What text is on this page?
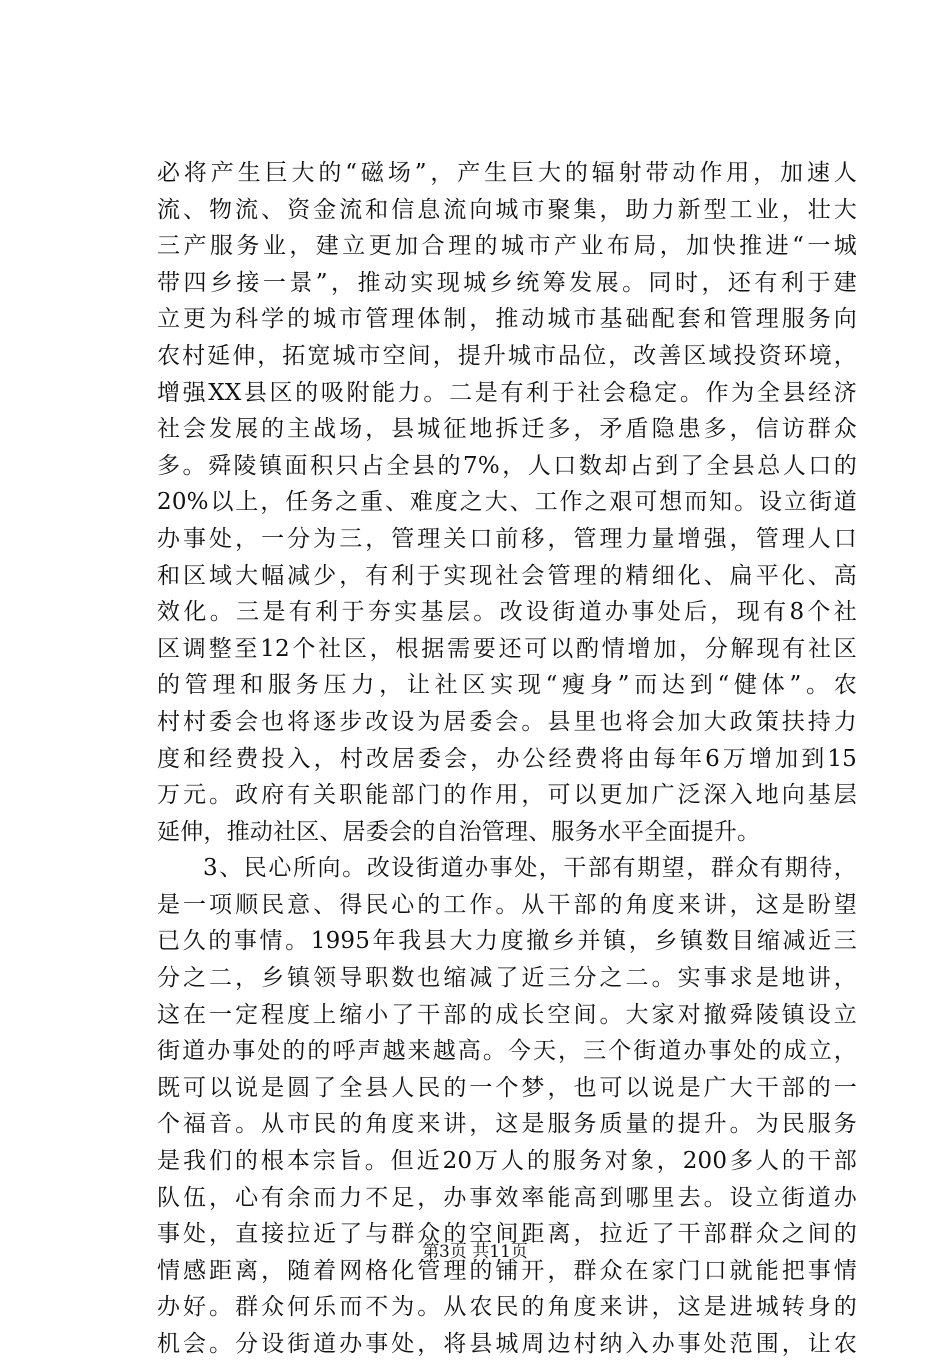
必将产生巨大的“磁场”，产生巨大的辐射带动作用，加速人
流、物流、资金流和信息流向城市聚集，助力新型工业，壮大
三产服务业，建立更加合理的城市产业布局，加快推进“一城
带四乡接一景”，推动实现城乡统筹发展。同时，还有利于建
立更为科学的城市管理体制，推动城市基础配套和管理服务向
农村延伸，拓宽城市空间，提升城市品位，改善区域投资环境，
增强XX县区的吸附能力。二是有利于社会稳定。作为全县经济
社会发展的主战场，县城征地拆迁多，矛盾隐患多，信访群众
多。舜陵镇面积只占全县的7%，人口数却占到了全县总人口的
20%以上，任务之重、难度之大、工作之艰可想而知。设立街道
办事处，一分为三，管理关口前移，管理力量增强，管理人口
和区域大幅减少，有利于实现社会管理的精细化、扁平化、高
效化。三是有利于夯实基层。改设街道办事处后，现有8个社
区调整至12个社区，根据需要还可以酌情增加，分解现有社区
的管理和服务压力，让社区实现“瘦身”而达到“健体”。农
村村委会也将逐步改设为居委会。县里也将会加大政策扶持力
度和经费投入，村改居委会，办公经费将由每年6万增加到15
万元。政府有关职能部门的作用，可以更加广泛深入地向基层
延伸，推动社区、居委会的自治管理、服务水平全面提升。
3、民心所向。改设街道办事处，干部有期望，群众有期待，
是一项顺民意、得民心的工作。从干部的角度来讲，这是盼望
已久的事情。1995年我县大力度撤乡并镇，乡镇数目缩减近三
分之二，乡镇领导职数也缩减了近三分之二。实事求是地讲，
这在一定程度上缩小了干部的成长空间。大家对撤舜陵镇设立
街道办事处的的呼声越来越高。今天，三个街道办事处的成立，
既可以说是圆了全县人民的一个梦，也可以说是广大干部的一
个福音。从市民的角度来讲，这是服务质量的提升。为民服务
是我们的根本宗旨。但近20万人的服务对象，200多人的干部
队伍，心有余而力不足，办事效率能高到哪里去。设立街道办
事处，直接拉近了与群众的空间距离，拉近了干部群众之间的
情感距离，随着网格化管理的铺开，群众在家门口就能把事情
办好。群众何乐而不为。从农民的角度来讲，这是进城转身的
机会。分设街道办事处，将县城周边村纳入办事处范围，让农
第3页 共11页
